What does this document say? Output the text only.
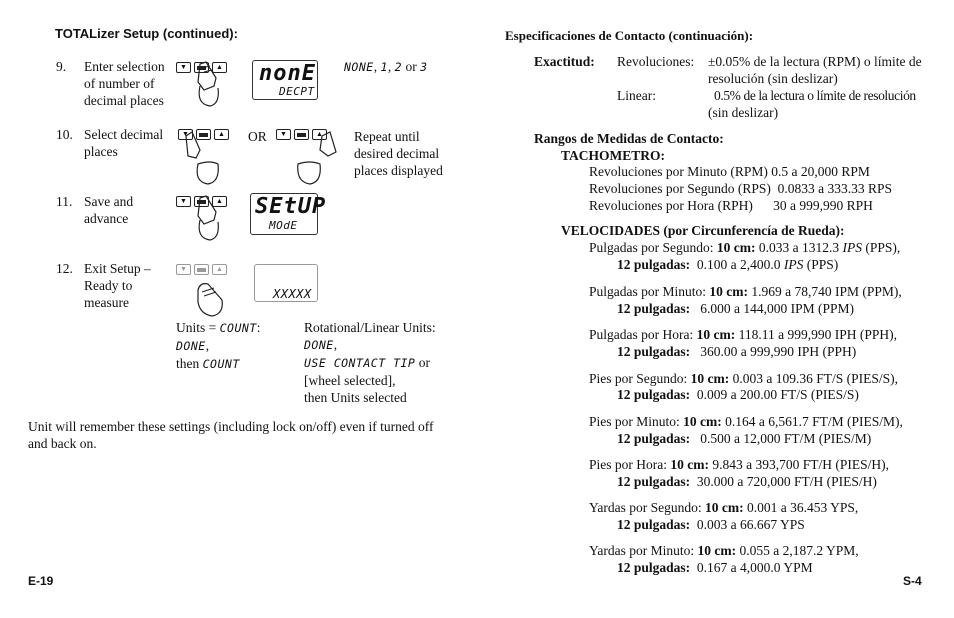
TOTALizer Setup (continued):
9. Enter selection
of number of
decimal places
▼	▲ nonE
DECPT
NONE, 1, 2 or 3
10. Select decimal
places
▼	▲ OR	▼	▲ Repeat until
desired decimal
places displayed
11. Save and
advance
▼	▲ SEtUP
MOdE
12. Exit Setup –
Ready to
measure
▼	▲
XXXXX
Units = COUNT:
DONE,
then COUNT
Rotational/Linear Units:
DONE,
USE CONTACT TIP or
[wheel selected],
then Units selected
Unit will remember these settings (including lock on/off) even if turned off
and back on.
E-19
Especificaciones de Contacto (continuación):
Exactitud: Revoluciones: ±0.05% de la lectura (RPM) o límite de
resolución (sin deslizar)
Linear:	0.5% de la lectura o límite de resolución
(sin deslizar)
Rangos de Medidas de Contacto:
TACHOMETRO:
Revoluciones por Minuto (RPM) 0.5 a 20,000 RPM
Revoluciones por Segundo (RPS) 0.0833 a 333.33 RPS
Revoluciones por Hora (RPH) 30 a 999,990 RPH
VELOCIDADES (por Circunferencía de Rueda):
Pulgadas por Segundo: 10 cm: 0.033 a 1312.3 IPS (PPS),
12 pulgadas:  0.100 a 2,400.0 IPS (PPS)
Pulgadas por Minuto: 10 cm: 1.969 a 78,740 IPM (PPM),
12 pulgadas:   6.000 a 144,000 IPM (PPM)
Pulgadas por Hora: 10 cm: 118.11 a 999,990 IPH (PPH),
12 pulgadas:   360.00 a 999,990 IPH (PPH)
Pies por Segundo: 10 cm: 0.003 a 109.36 FT/S (PIES/S),
12 pulgadas:  0.009 a 200.00 FT/S (PIES/S)
Pies por Minuto: 10 cm: 0.164 a 6,561.7 FT/M (PIES/M),
12 pulgadas:   0.500 a 12,000 FT/M (PIES/M)
Pies por Hora: 10 cm: 9.843 a 393,700 FT/H (PIES/H),
12 pulgadas:  30.000 a 720,000 FT/H (PIES/H)
Yardas por Segundo: 10 cm: 0.001 a 36.453 YPS,
12 pulgadas:  0.003 a 66.667 YPS
Yardas por Minuto: 10 cm: 0.055 a 2,187.2 YPM,
12 pulgadas:  0.167 a 4,000.0 YPM
S-4
